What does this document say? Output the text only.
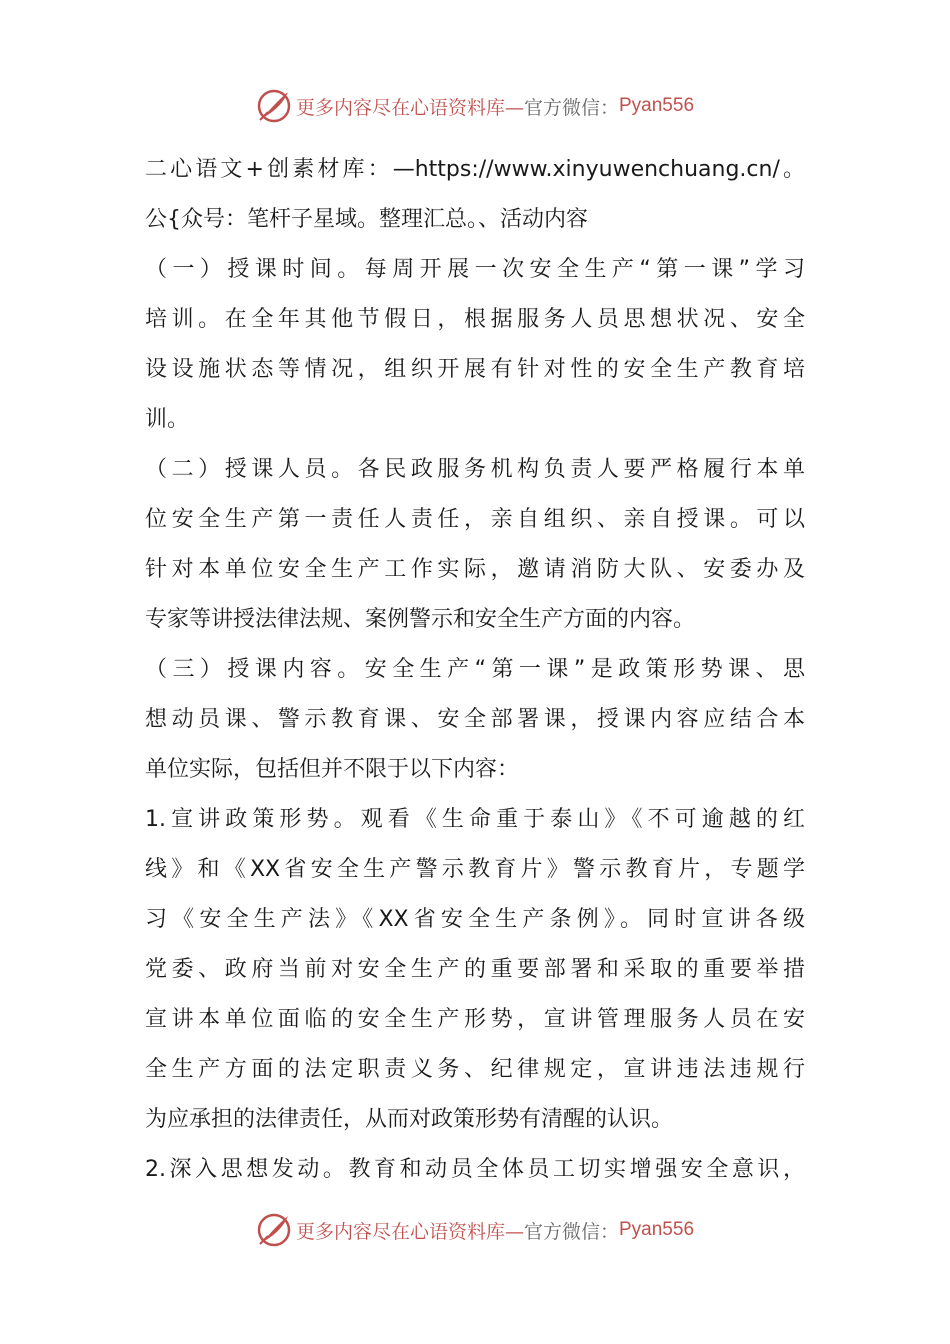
更多内容尽在心语资料库— 官方微信： Pyan556
二心语文+创素材库：—https://www.xinyuwenchuang.cn/。
公{众号：笔杆子星域。整理汇总。、活动内容
（一）授课时间。每周开展一次安全生产“第一课”学习
培训。在全年其他节假日，根据服务人员思想状况、安全
设设施状态等情况，组织开展有针对性的安全生产教育培
训。
（二）授课人员。各民政服务机构负责人要严格履行本单
位安全生产第一责任人责任，亲自组织、亲自授课。可以
针对本单位安全生产工作实际，邀请消防大队、安委办及
专家等讲授法律法规、案例警示和安全生产方面的内容。
（三）授课内容。安全生产“第一课”是政策形势课、思
想动员课、警示教育课、安全部署课，授课内容应结合本
单位实际，包括但并不限于以下内容：
1.宣讲政策形势。观看《生命重于泰山》《不可逾越的红
线》和《XX省安全生产警示教育片》警示教育片，专题学
习《安全生产法》《XX省安全生产条例》。同时宣讲各级
党委、政府当前对安全生产的重要部署和采取的重要举措
宣讲本单位面临的安全生产形势，宣讲管理服务人员在安
全生产方面的法定职责义务、纪律规定，宣讲违法违规行
为应承担的法律责任，从而对政策形势有清醒的认识。
2.深入思想发动。教育和动员全体员工切实增强安全意识，
更多内容尽在心语资料库— 官方微信： Pyan556
